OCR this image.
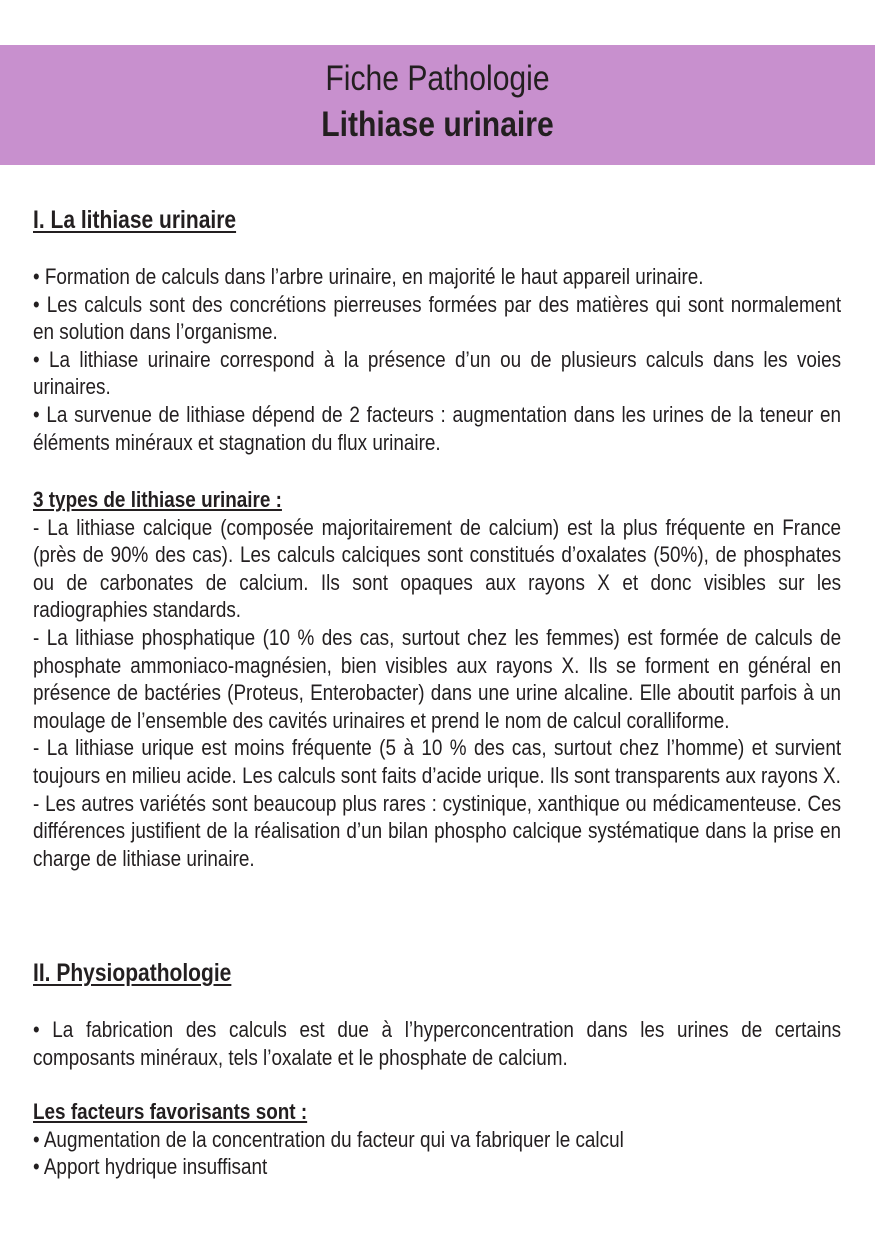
Fiche Pathologie
Lithiase urinaire
I. La lithiase urinaire

• Formation de calculs dans l’arbre urinaire, en majorité le haut appareil urinaire.

• Les calculs sont des concrétions pierreuses formées par des matières qui sont normalement en solution dans l’organisme.

• La lithiase urinaire correspond à la présence d’un ou de plusieurs calculs dans les voies urinaires.

• La survenue de lithiase dépend de 2 facteurs : augmentation dans les urines de la teneur en éléments minéraux et stagnation du flux urinaire.

3 types de lithiase urinaire :

- La lithiase calcique (composée majoritairement de calcium) est la plus fréquente en France (près de 90% des cas). Les calculs calciques sont constitués d’oxalates (50%), de phosphates ou de carbonates de calcium. Ils sont opaques aux rayons X et donc visibles sur les radiographies standards.

- La lithiase phosphatique (10 % des cas, surtout chez les femmes) est formée de calculs de phosphate ammoniaco-magnésien, bien visibles aux rayons X. Ils se forment en général en présence de bactéries (Proteus, Enterobacter) dans une urine alcaline. Elle aboutit parfois à un moulage de l’ensemble des cavités urinaires et prend le nom de calcul coralliforme.

- La lithiase urique est moins fréquente (5 à 10 % des cas, surtout chez l’homme) et survient toujours en milieu acide. Les calculs sont faits d’acide urique. Ils sont transparents aux rayons X.

- Les autres variétés sont beaucoup plus rares : cystinique, xanthique ou médicamenteuse. Ces différences justifient de la réalisation d’un bilan phospho calcique systématique dans la prise en charge de lithiase urinaire.

II. Physiopathologie

• La fabrication des calculs est due à l’hyperconcentration dans les urines de certains composants minéraux, tels l’oxalate et le phosphate de calcium.

Les facteurs favorisants sont :

• Augmentation de la concentration du facteur qui va fabriquer le calcul

• Apport hydrique insuffisant
